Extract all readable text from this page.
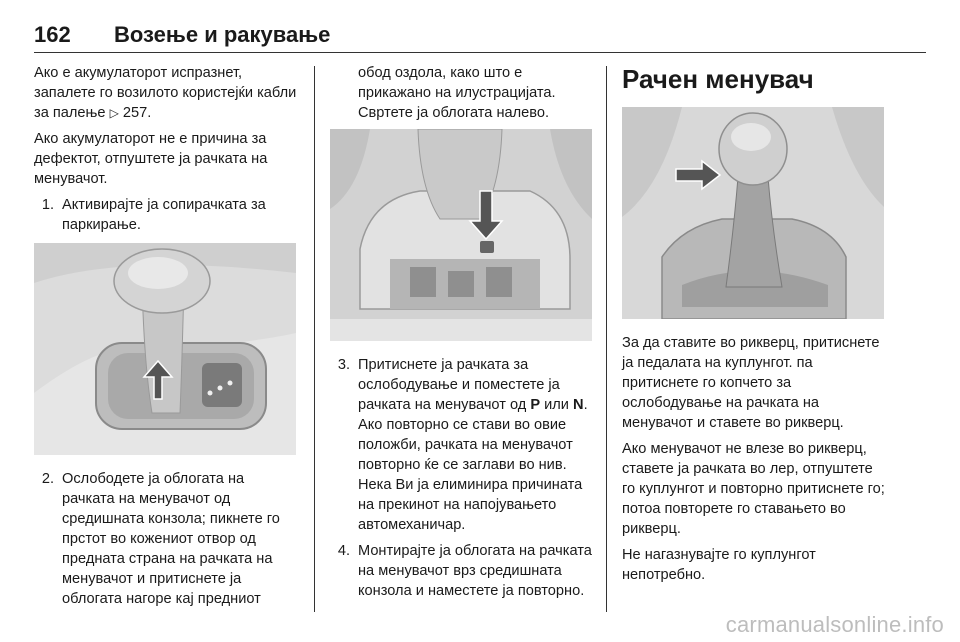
162 Возење и ракување

Ако е акумулаторот испразнет, запалете го возилото користејќи кабли за палење ▷ 257.

Ако акумулаторот не е причина за дефектот, отпуштете ја рачката на менувачот.

1. Активирајте ја сопирачката за паркирање.
2. Ослободете ја облогата на рачката на менувачот од средишната конзола; пикнете го прстот во кожениот отвор од предната страна на рачката на менувачот и притиснете ја облогата нагоре кај предниот

обод оздола, како што е прикажано на илустрацијата. Свртете ја облогата налево.

3. Притиснете ја рачката за ослободување и поместете ја рачката на менувачот од P или N. Ако повторно се стави во овие положби, рачката на менувачот повторно ќе се заглави во нив. Нека Ви ја елиминира причината на прекинот на напојувањето автомеханичар.
4. Монтирајте ја облогата на рачката на менувачот врз средишната конзола и наместете ја повторно.
Рачен менувач

За да ставите во рикверц, притиснете ја педалата на куплунгот. па притиснете го копчето за ослободување на рачката на менувачот и ставете во рикверц.

Ако менувачот не влезе во рикверц, ставете ја рачката во лер, отпуштете го куплунгот и повторно притиснете го; потоа повторете го ставањето во рикверц.

Не нагазнувајте го куплунгот непотребно.

carmanualsonline.info
